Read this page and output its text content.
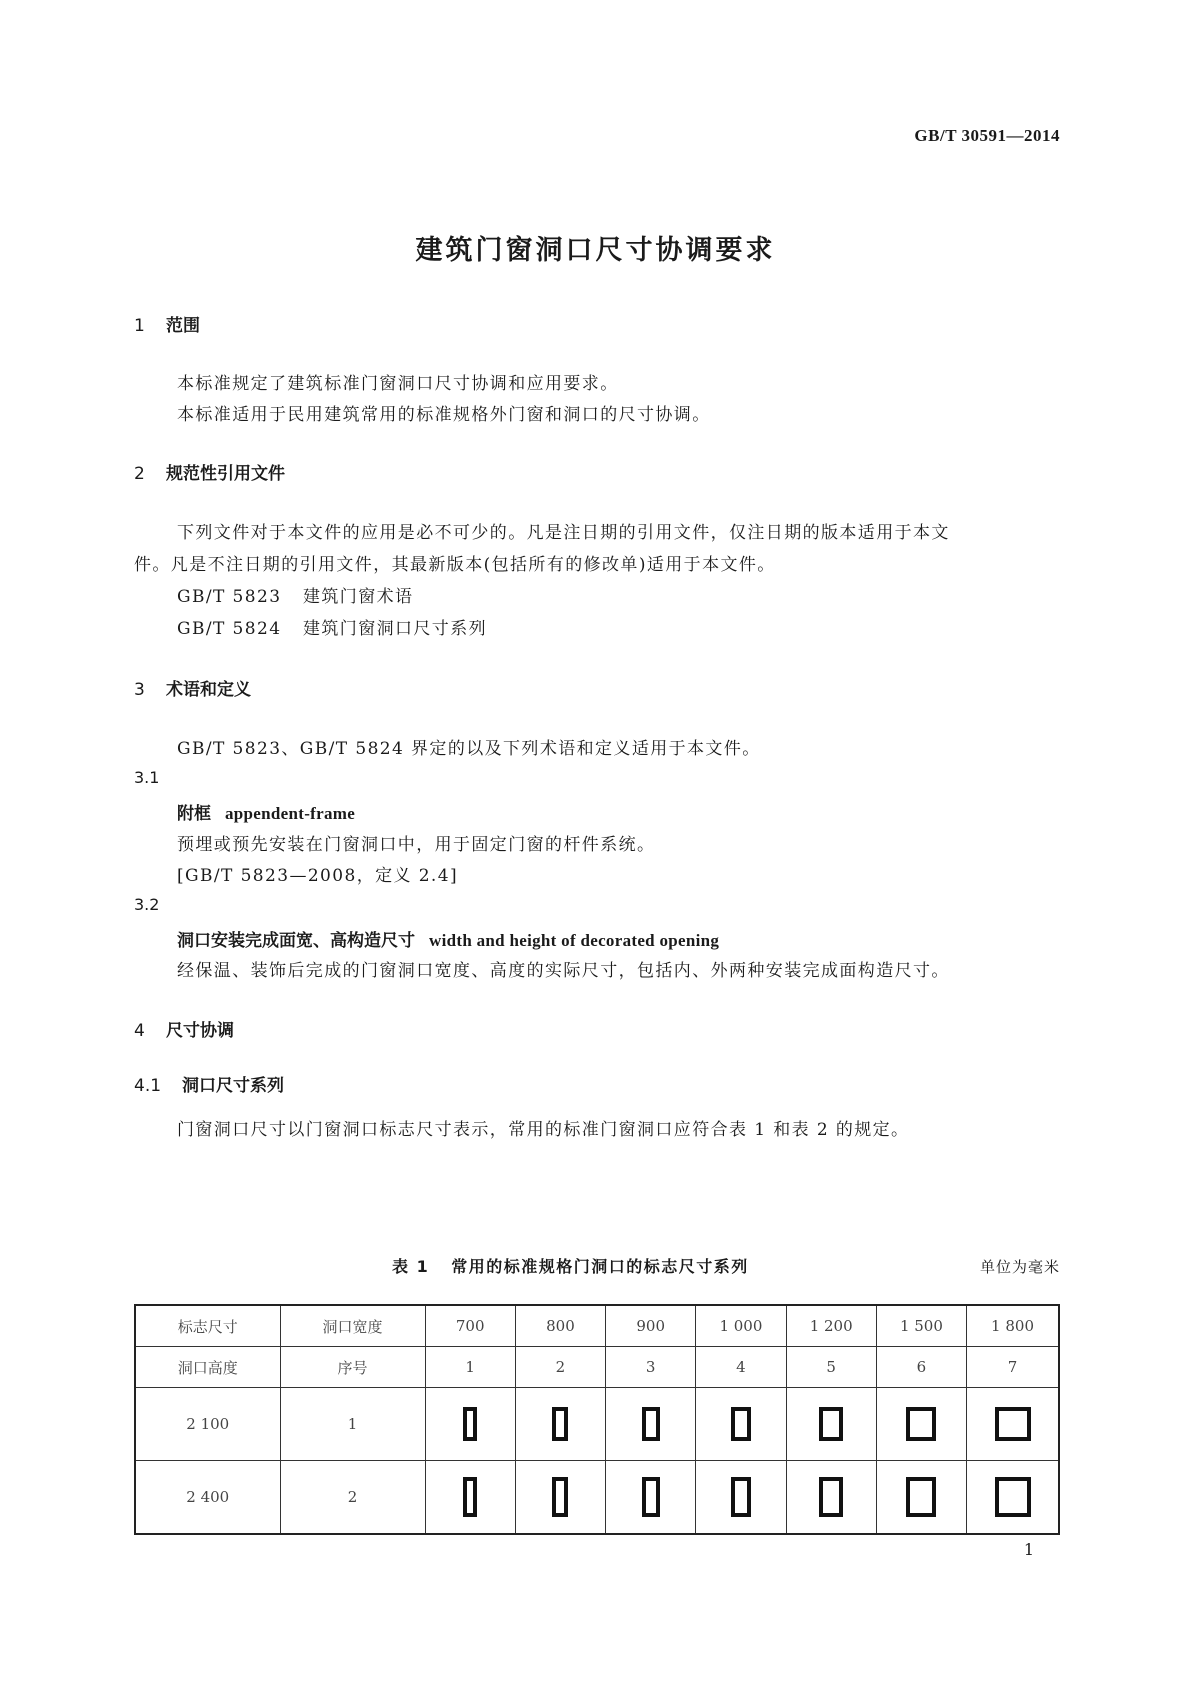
GB/T 30591—2014
建筑门窗洞口尺寸协调要求
1 范围
本标准规定了建筑标准门窗洞口尺寸协调和应用要求。
本标准适用于民用建筑常用的标准规格外门窗和洞口的尺寸协调。
2 规范性引用文件
下列文件对于本文件的应用是必不可少的。凡是注日期的引用文件，仅注日期的版本适用于本文
件。凡是不注日期的引用文件，其最新版本(包括所有的修改单)适用于本文件。
GB/T 5823 建筑门窗术语
GB/T 5824 建筑门窗洞口尺寸系列
3 术语和定义
GB/T 5823、GB/T 5824 界定的以及下列术语和定义适用于本文件。
3.1
附框 appendent-frame
预埋或预先安装在门窗洞口中，用于固定门窗的杆件系统。
[GB/T 5823—2008，定义 2.4]
3.2
洞口安装完成面宽、高构造尺寸 width and height of decorated opening
经保温、装饰后完成的门窗洞口宽度、高度的实际尺寸，包括内、外两种安装完成面构造尺寸。
4 尺寸协调
4.1 洞口尺寸系列
门窗洞口尺寸以门窗洞口标志尺寸表示，常用的标准门窗洞口应符合表 1 和表 2 的规定。
表 1 常用的标准规格门洞口的标志尺寸系列	单位为毫米
标志尺寸	洞口宽度	700	800	900	1 000	1 200	1 500	1 800
洞口高度	序号	1	2	3	4	5	6	7
2 100	1							
2 400	2							
1
